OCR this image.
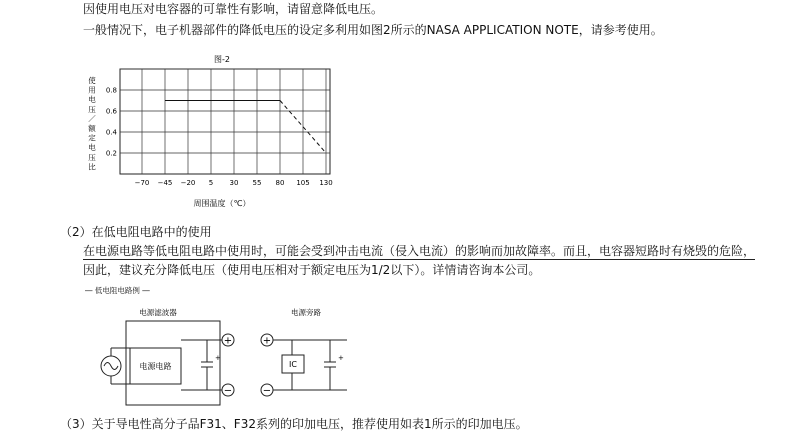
因使用电压对电容器的可靠性有影响，请留意降低电压。
一般情况下，电子机器部件的降低电压的设定多利用如图2所示的NASA APPLICATION NOTE，请参考使用。
图-2
周围温度（℃）
使
用
电
压
／
额
定
电
压
比
−70 −45 −20 5 30 55 80 105 130
0.2
0.4
0.6
0.8
（2）在低电阻电路中的使用
在电源电路等低电阻电路中使用时，可能会受到冲击电流（侵入电流）的影响而加故障率。而且，电容器短路时有烧毁的危险，
因此，建议充分降低电压（使用电压相对于额定电压为1/2以下）。详情请咨询本公司。
― 低电阻电路例 ―
电源滤波器
电源电路
+
+
−
电源旁路
+
−
IC
+
（3）关于导电性高分子品F31、F32系列的印加电压，推荐使用如表1所示的印加电压。
